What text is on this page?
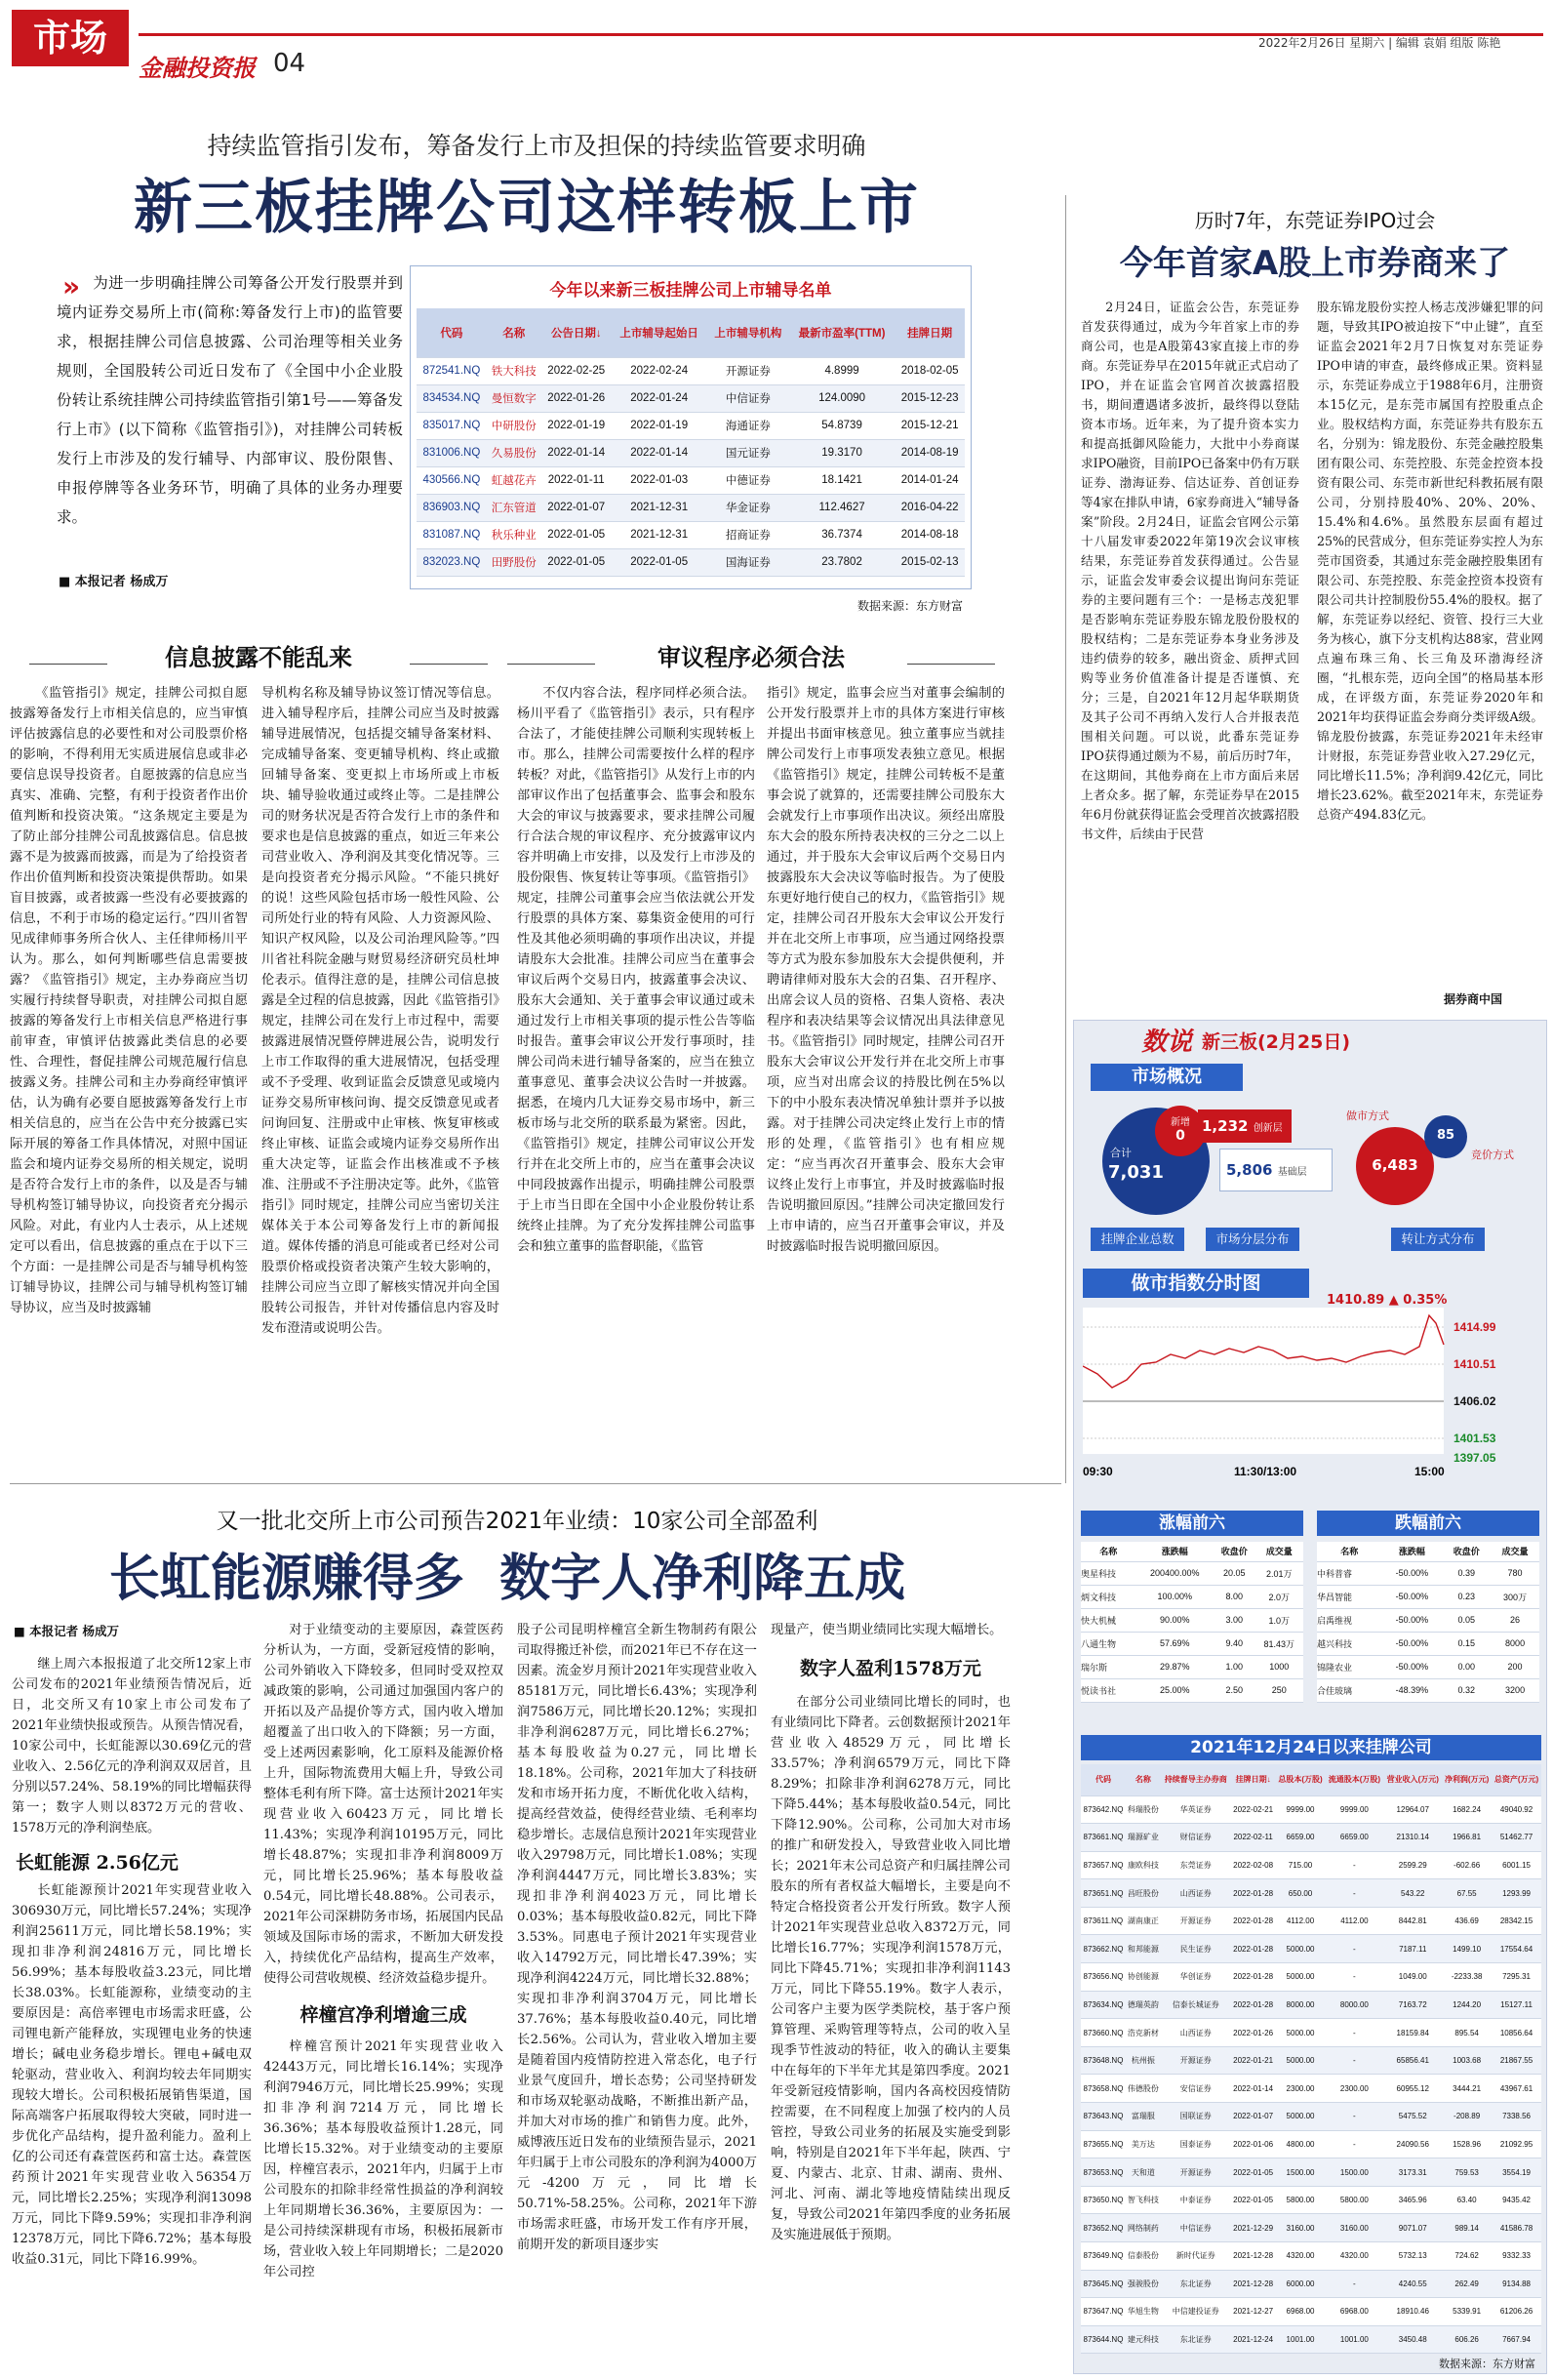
市场
金融投资报 04
2022年2月26日 星期六 | 编辑 袁娟 组版 陈艳
持续监管指引发布，筹备发行上市及担保的持续监管要求明确
新三板挂牌公司这样转板上市
» 为进一步明确挂牌公司筹备公开发行股票并到境内证券交易所上市(简称:筹备发行上市)的监管要求，根据挂牌公司信息披露、公司治理等相关业务规则，全国股转公司近日发布了《全国中小企业股份转让系统挂牌公司持续监管指引第1号——筹备发行上市》(以下简称《监管指引》)，对挂牌公司转板发行上市涉及的发行辅导、内部审议、股份限售、申报停牌等各业务环节，明确了具体的业务办理要求。

■ 本报记者 杨成万
今年以来新三板挂牌公司上市辅导名单
代码	名称	公告日期↓	上市辅导起始日	上市辅导机构	最新市盈率(TTM)	挂牌日期
872541.NQ	铁大科技	2022-02-25	2022-02-24	开源证券	4.8999	2018-02-05
834534.NQ	曼恒数字	2022-01-26	2022-01-24	中信证券	124.0090	2015-12-23
835017.NQ	中研股份	2022-01-19	2022-01-19	海通证券	54.8739	2015-12-21
831006.NQ	久易股份	2022-01-14	2022-01-14	国元证券	19.3170	2014-08-19
430566.NQ	虹越花卉	2022-01-11	2022-01-03	中德证券	18.1421	2014-01-24
836903.NQ	汇东管道	2022-01-07	2021-12-31	华金证券	112.4627	2016-04-22
831087.NQ	秋乐种业	2022-01-05	2021-12-31	招商证券	36.7374	2014-08-18
832023.NQ	田野股份	2022-01-05	2022-01-05	国海证券	23.7802	2015-02-13
数据来源：东方财富
信息披露不能乱来	审议程序必须合法

《监管指引》规定，挂牌公司拟自愿披露筹备发行上市相关信息的，应当审慎评估披露信息的必要性和对公司股票价格的影响，不得利用无实质进展信息或非必要信息误导投资者。自愿披露的信息应当真实、准确、完整，有利于投资者作出价值判断和投资决策。“这条规定主要是为了防止部分挂牌公司乱披露信息。信息披露不是为披露而披露，而是为了给投资者作出价值判断和投资决策提供帮助。如果盲目披露，或者披露一些没有必要披露的信息，不利于市场的稳定运行。”四川省智见成律师事务所合伙人、主任律师杨川平认为。那么，如何判断哪些信息需要披露？《监管指引》规定，主办券商应当切实履行持续督导职责，对挂牌公司拟自愿披露的筹备发行上市相关信息严格进行事前审查，审慎评估披露此类信息的必要性、合理性，督促挂牌公司规范履行信息披露义务。挂牌公司和主办券商经审慎评估，认为确有必要自愿披露筹备发行上市相关信息的，应当在公告中充分披露已实际开展的筹备工作具体情况，对照中国证监会和境内证券交易所的相关规定，说明是否符合发行上市的条件，以及是否与辅导机构签订辅导协议，向投资者充分揭示风险。对此，有业内人士表示，从上述规定可以看出，信息披露的重点在于以下三个方面：一是挂牌公司是否与辅导机构签订辅导协议，挂牌公司与辅导机构签订辅导协议，应当及时披露辅

导机构名称及辅导协议签订情况等信息。进入辅导程序后，挂牌公司应当及时披露辅导进展情况，包括提交辅导备案材料、完成辅导备案、变更辅导机构、终止或撤回辅导备案、变更拟上市场所或上市板块、辅导验收通过或终止等。二是挂牌公司的财务状况是否符合发行上市的条件和要求也是信息披露的重点，如近三年来公司营业收入、净利润及其变化情况等。三是向投资者充分揭示风险。“不能只挑好的说！这些风险包括市场一般性风险、公司所处行业的特有风险、人力资源风险、知识产权风险，以及公司治理风险等。”四川省社科院金融与财贸易经济研究员杜坤伦表示。值得注意的是，挂牌公司信息披露是全过程的信息披露，因此《监管指引》规定，挂牌公司在发行上市过程中，需要披露进展情况暨停牌进展公告，说明发行上市工作取得的重大进展情况，包括受理或不予受理、收到证监会反馈意见或境内证券交易所审核问询、提交反馈意见或者问询回复、注册或中止审核、恢复审核或终止审核、证监会或境内证券交易所作出重大决定等，证监会作出核准或不予核准、注册或不予注册决定等。此外，《监管指引》同时规定，挂牌公司应当密切关注媒体关于本公司筹备发行上市的新闻报道。媒体传播的消息可能或者已经对公司股票价格或投资者决策产生较大影响的，挂牌公司应当立即了解核实情况并向全国股转公司报告，并针对传播信息内容及时发布澄清或说明公告。

不仅内容合法，程序同样必须合法。杨川平看了《监管指引》表示，只有程序合法了，才能使挂牌公司顺利实现转板上市。那么，挂牌公司需要按什么样的程序转板？对此，《监管指引》从发行上市的内部审议作出了包括董事会、监事会和股东大会的审议与披露要求，要求挂牌公司履行合法合规的审议程序、充分披露审议内容并明确上市安排，以及发行上市涉及的股份限售、恢复转让等事项。《监管指引》规定，挂牌公司董事会应当依法就公开发行股票的具体方案、募集资金使用的可行性及其他必须明确的事项作出决议，并提请股东大会批准。挂牌公司应当在董事会审议后两个交易日内，披露董事会决议、股东大会通知、关于董事会审议通过或未通过发行上市相关事项的提示性公告等临时报告。董事会审议公开发行事项时，挂牌公司尚未进行辅导备案的，应当在独立董事意见、董事会决议公告时一并披露。据悉，在境内几大证券交易市场中，新三板市场与北交所的联系最为紧密。因此，《监管指引》规定，挂牌公司审议公开发行并在北交所上市的，应当在董事会决议中同段披露作出提示，明确挂牌公司股票于上市当日即在全国中小企业股份转让系统终止挂牌。为了充分发挥挂牌公司监事会和独立董事的监督职能，《监管

指引》规定，监事会应当对董事会编制的公开发行股票并上市的具体方案进行审核并提出书面审核意见。独立董事应当就挂牌公司发行上市事项发表独立意见。根据《监管指引》规定，挂牌公司转板不是董事会说了就算的，还需要挂牌公司股东大会就发行上市事项作出决议。须经出席股东大会的股东所持表决权的三分之二以上通过，并于股东大会审议后两个交易日内披露股东大会决议等临时报告。为了使股东更好地行使自己的权力，《监管指引》规定，挂牌公司召开股东大会审议公开发行并在北交所上市事项，应当通过网络投票等方式为股东参加股东大会提供便利，并聘请律师对股东大会的召集、召开程序、出席会议人员的资格、召集人资格、表决程序和表决结果等会议情况出具法律意见书。《监管指引》同时规定，挂牌公司召开股东大会审议公开发行并在北交所上市事项，应当对出席会议的持股比例在5%以下的中小股东表决情况单独计票并予以披露。对于挂牌公司决定终止发行上市的情形的处理，《监管指引》也有相应规定：“应当再次召开董事会、股东大会审议终止发行上市事宜，并及时披露临时报告说明撤回原因。”挂牌公司决定撤回发行上市申请的，应当召开董事会审议，并及时披露临时报告说明撤回原因。

历时7年，东莞证券IPO过会
今年首家A股上市券商来了

2月24日，证监会公告，东莞证券首发获得通过，成为今年首家上市的券商公司，也是A股第43家直接上市的券商。东莞证券早在2015年就正式启动了IPO，并在证监会官网首次披露招股书，期间遭遇诸多波折，最终得以登陆资本市场。近年来，为了提升资本实力和提高抵御风险能力，大批中小券商谋求IPO融资，目前IPO已备案中仍有万联证券、渤海证券、信达证券、首创证券等4家在排队申请，6家券商进入“辅导备案”阶段。2月24日，证监会官网公示第十八届发审委2022年第19次会议审核结果，东莞证券首发获得通过。公告显示，证监会发审委会议提出询问东莞证券的主要问题有三个：一是杨志茂犯罪是否影响东莞证券股东锦龙股份股权的股权结构；二是东莞证券本身业务涉及违约债券的较多，融出资金、质押式回购等业务价值准备计提是否谨慎、充分；三是，自2021年12月起华联期货及其子公司不再纳入发行人合并报表范围相关问题。可以说，此番东莞证券IPO获得通过颇为不易，前后历时7年，在这期间，其他券商在上市方面后来居上者众多。据了解，东莞证券早在2015年6月份就获得证监会受理首次披露招股书文件，后续由于民营

股东锦龙股份实控人杨志茂涉嫌犯罪的问题，导致其IPO被迫按下“中止键”，直至证监会2021年2月7日恢复对东莞证券IPO申请的审查，最终修成正果。资料显示，东莞证券成立于1988年6月，注册资本15亿元，是东莞市属国有控股重点企业。股权结构方面，东莞证券共有股东五名，分别为：锦龙股份、东莞金融控股集团有限公司、东莞控股、东莞金控资本投资有限公司、东莞市新世纪科教拓展有限公司，分别持股40%、20%、20%、15.4%和4.6%。虽然股东层面有超过25%的民营成分，但东莞证券实控人为东莞市国资委，其通过东莞金融控股集团有限公司、东莞控股、东莞金控资本投资有限公司共计控制股份55.4%的股权。据了解，东莞证券以经纪、资管、投行三大业务为核心，旗下分支机构达88家，营业网点遍布珠三角、长三角及环渤海经济圈，“扎根东莞，迈向全国”的格局基本形成，在评级方面，东莞证券2020年和2021年均获得证监会券商分类评级A级。锦龙股份披露，东莞证券2021年未经审计财报，东莞证券营业收入27.29亿元，同比增长11.5%；净利润9.42亿元，同比增长23.62%。截至2021年末，东莞证券总资产494.83亿元。

据券商中国
数说 新三板(2月25日)
市场概况
合计
7,031
新增
0
1,232 创新层
5,806 基础层
做市方式
6,483
85
竞价方式
挂牌企业总数	市场分层分布	转让方式分布
做市指数分时图
1410.89 ▲ 0.35%
1414.99
1410.51
1406.02
1401.53
1397.05
09:30	11:30/13:00	15:00
涨幅前六	跌幅前六
名称	涨跌幅	收盘价	成交量
奥星科技	200400.00%	20.05	2.01万
炳文科技	100.00%	8.00	2.0万
快大机械	90.00%	3.00	1.0万
八通生物	57.69%	9.40	81.43万
瑞尔斯	29.87%	1.00	1000
悦读书社	25.00%	2.50	250
名称	涨跌幅	收盘价	成交量
中科普睿	-50.00%	0.39	780
华昌智能	-50.00%	0.23	300万
启禹维视	-50.00%	0.05	26
越兴科技	-50.00%	0.15	8000
锦隆农业	-50.00%	0.00	200
合佳玻璃	-48.39%	0.32	3200
2021年12月24日以来挂牌公司
代码	名称	持续督导主办券商	挂牌日期↓	总股本(万股)	流通股本(万股)	营业收入(万元)	净利润(万元)	总资产(万元)
873642.NQ	科瑞股份	华英证券	2022-02-21	9999.00	9999.00	12964.07	1682.24	49040.92
873661.NQ	瑞源矿业	财信证券	2022-02-11	6659.00	6659.00	21310.14	1966.81	51462.77
873657.NQ	康欧科技	东莞证券	2022-02-08	715.00	-	2599.29	-602.66	6001.15
873651.NQ	昌旺股份	山西证券	2022-01-28	650.00	-	543.22	67.55	1293.99
873611.NQ	湖南康正	开源证券	2022-01-28	4112.00	4112.00	8442.81	436.69	28342.15
873662.NQ	和邦能源	民生证券	2022-01-28	5000.00	-	7187.11	1499.10	17554.64
873656.NQ	协创能源	华创证券	2022-01-28	5000.00	-	1049.00	-2233.38	7295.31
873634.NQ	德瑞英韵	信泰长城证券	2022-01-28	8000.00	8000.00	7163.72	1244.20	15127.11
873660.NQ	浩克新材	山西证券	2022-01-26	5000.00	-	18159.84	895.54	10856.64
873648.NQ	杭州振	开源证券	2022-01-21	5000.00	-	65856.41	1003.68	21867.55
873658.NQ	伟德股份	安信证券	2022-01-14	2300.00	2300.00	60955.12	3444.21	43967.61
873643.NQ	富瑞服	国联证券	2022-01-07	5000.00	-	5475.52	-208.89	7338.56
873655.NQ	美万达	国泰证券	2022-01-06	4800.00	-	24090.56	1528.96	21092.95
873653.NQ	天和道	开源证券	2022-01-05	1500.00	1500.00	3173.31	759.53	3554.19
873650.NQ	智飞科技	中泰证券	2022-01-05	5800.00	5800.00	3465.96	63.40	9435.42
873652.NQ	网络制药	中信证券	2021-12-29	3160.00	3160.00	9071.07	989.14	41586.78
873649.NQ	信泰股份	新时代证券	2021-12-28	4320.00	4320.00	5732.13	724.62	9332.33
873645.NQ	强骏股份	东北证券	2021-12-28	6000.00	-	4240.55	262.49	9134.88
873647.NQ	华旭生物	中信建投证券	2021-12-27	6968.00	6968.00	18910.46	5339.91	61206.26
873644.NQ	建元科技	东北证券	2021-12-24	1001.00	1001.00	3450.48	606.26	7667.94
数据来源：东方财富
又一批北交所上市公司预告2021年业绩：10家公司全部盈利
长虹能源赚得多  数字人净利降五成
■ 本报记者 杨成万

继上周六本报报道了北交所12家上市公司发布的2021年业绩预告情况后，近日，北交所又有10家上市公司发布了2021年业绩快报或预告。从预告情况看，10家公司中，长虹能源以30.69亿元的营业收入、2.56亿元的净利润双双居首，且分别以57.24%、58.19%的同比增幅获得第一；数字人则以8372万元的营收、1578万元的净利润垫底。

长虹能源 2.56亿元

长虹能源预计2021年实现营业收入306930万元，同比增长57.24%；实现净利润25611万元，同比增长58.19%；实现扣非净利润24816万元，同比增长56.99%；基本每股收益3.23元，同比增长38.03%。长虹能源称，业绩变动的主要原因是：高倍率锂电市场需求旺盛，公司锂电新产能释放，实现锂电业务的快速增长；碱电业务稳步增长。锂电+碱电双轮驱动，营业收入、利润均较去年同期实现较大增长。公司积极拓展销售渠道，国际高端客户拓展取得较大突破，同时进一步优化产品结构，提升盈利能力。盈利上亿的公司还有森萱医药和富士达。森萱医药预计2021年实现营业收入56354万元，同比增长2.25%；实现净利润13098万元，同比下降9.59%；实现扣非净利润12378万元，同比下降6.72%；基本每股收益0.31元，同比下降16.99%。

对于业绩变动的主要原因，森萱医药分析认为，一方面，受新冠疫情的影响，公司外销收入下降较多，但同时受双控双减政策的影响，公司通过加强国内客户的开拓以及产品提价等方式，国内收入增加超覆盖了出口收入的下降额；另一方面，受上述两因素影响，化工原料及能源价格上升，国际物流费用大幅上升，导致公司整体毛利有所下降。富士达预计2021年实现营业收入60423万元，同比增长11.43%；实现净利润10195万元，同比增长48.87%；实现扣非净利润8009万元，同比增长25.96%；基本每股收益0.54元，同比增长48.88%。公司表示，2021年公司深耕防务市场，拓展国内民品领域及国际市场的需求，不断加大研发投入，持续优化产品结构，提高生产效率，使得公司营收规模、经济效益稳步提升。

梓橦宫净利增逾三成

梓橦宫预计2021年实现营业收入42443万元，同比增长16.14%；实现净利润7946万元，同比增长25.99%；实现扣非净利润7214万元，同比增长36.36%；基本每股收益预计1.28元，同比增长15.32%。对于业绩变动的主要原因，梓橦宫表示，2021年内，归属于上市公司股东的扣除非经常性损益的净利润较上年同期增长36.36%，主要原因为：一是公司持续深耕现有市场，积极拓展新市场，营业收入较上年同期增长；二是2020年公司控

股子公司昆明梓橦宫全新生物制药有限公司取得搬迁补偿，而2021年已不存在这一因素。流金岁月预计2021年实现营业收入85181万元，同比增长6.43%；实现净利润7586万元，同比增长20.12%；实现扣非净利润6287万元，同比增长6.27%；基本每股收益为0.27元，同比增长18.18%。公司称，2021年加大了科技研发和市场开拓力度，不断优化收入结构，提高经营效益，使得经营业绩、毛利率均稳步增长。志晟信息预计2021年实现营业收入29798万元，同比增长1.08%；实现净利润4447万元，同比增长3.83%；实现扣非净利润4023万元，同比增长0.03%；基本每股收益0.82元，同比下降3.53%。同惠电子预计2021年实现营业收入14792万元，同比增长47.39%；实现净利润4224万元，同比增长32.88%；实现扣非净利润3704万元，同比增长37.76%；基本每股收益0.40元，同比增长2.56%。公司认为，营业收入增加主要是随着国内疫情防控进入常态化，电子行业景气度回升，增长态势；公司坚持研发和市场双轮驱动战略，不断推出新产品，并加大对市场的推广和销售力度。此外，威博液压近日发布的业绩预告显示，2021年归属于上市公司股东的净利润为4000万元-4200万元，同比增长50.71%-58.25%。公司称，2021年下游市场需求旺盛，市场开发工作有序开展，前期开发的新项目逐步实

现量产，使当期业绩同比实现大幅增长。

数字人盈利1578万元

在部分公司业绩同比增长的同时，也有业绩同比下降者。云创数据预计2021年营业收入48529万元，同比增长33.57%；净利润6579万元，同比下降8.29%；扣除非净利润6278万元，同比下降5.44%；基本每股收益0.54元，同比下降12.90%。公司称，公司加大对市场的推广和研发投入，导致营业收入同比增长；2021年末公司总资产和归属挂牌公司股东的所有者权益大幅增长，主要是向不特定合格投资者公开发行所致。数字人预计2021年实现营业总收入8372万元，同比增长16.77%；实现净利润1578万元，同比下降45.71%；实现扣非净利润1143万元，同比下降55.19%。数字人表示，公司客户主要为医学类院校，基于客户预算管理、采购管理等特点，公司的收入呈现季节性波动的特征，收入的确认主要集中在每年的下半年尤其是第四季度。2021年受新冠疫情影响，国内各高校因疫情防控需要，在不同程度上加强了校内的人员管控，导致公司业务的拓展及实施受到影响，特别是自2021年下半年起，陕西、宁夏、内蒙古、北京、甘肃、湖南、贵州、河北、河南、湖北等地疫情陆续出现反复，导致公司2021年第四季度的业务拓展及实施进展低于预期。
